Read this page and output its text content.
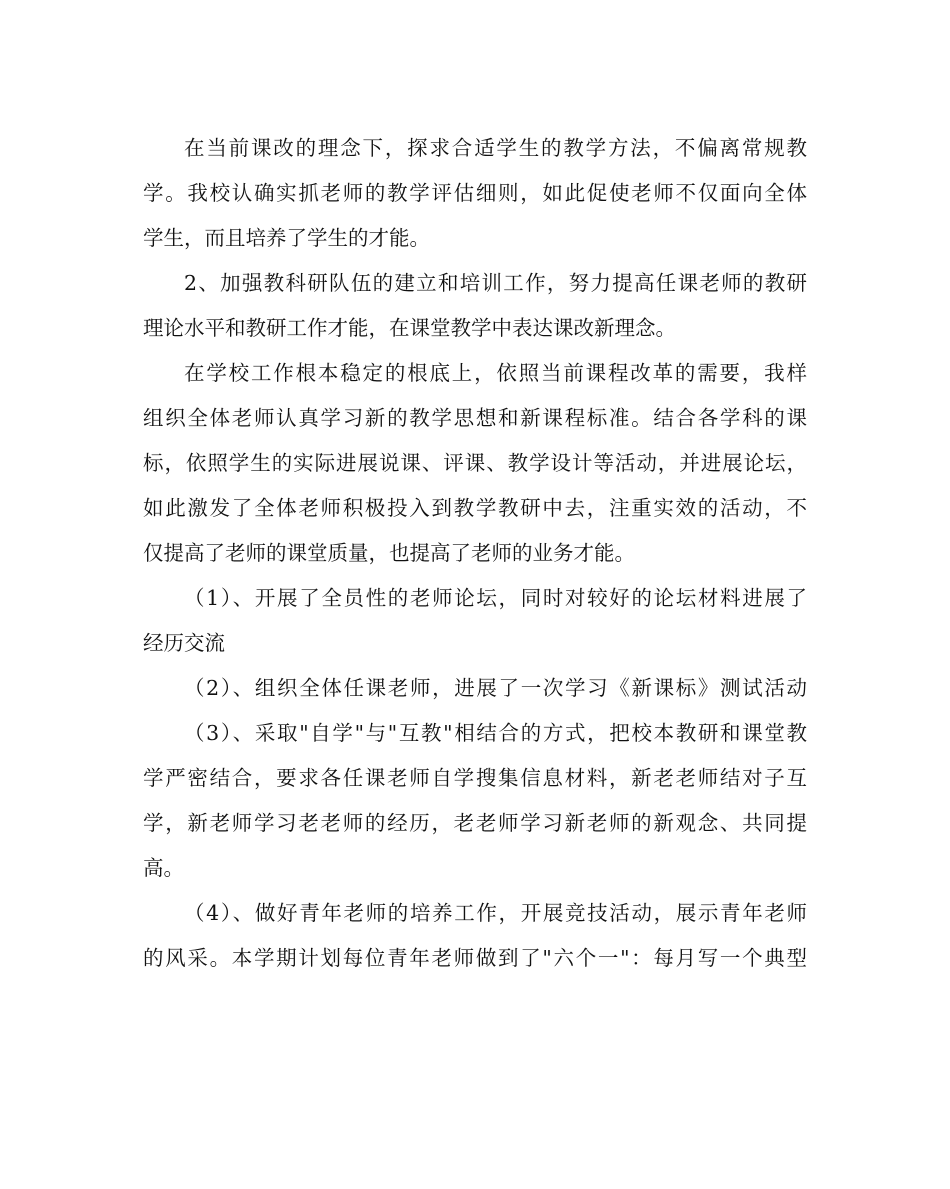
在当前课改的理念下，探求合适学生的教学方法，不偏离常规教
学。我校认确实抓老师的教学评估细则，如此促使老师不仅面向全体
学生，而且培养了学生的才能。
2、加强教科研队伍的建立和培训工作，努力提高任课老师的教研
理论水平和教研工作才能，在课堂教学中表达课改新理念。
在学校工作根本稳定的根底上，依照当前课程改革的需要，我样
组织全体老师认真学习新的教学思想和新课程标准。结合各学科的课
标，依照学生的实际进展说课、评课、教学设计等活动，并进展论坛，
如此激发了全体老师积极投入到教学教研中去，注重实效的活动，不
仅提高了老师的课堂质量，也提高了老师的业务才能。
（1）、开展了全员性的老师论坛，同时对较好的论坛材料进展了
经历交流
（2）、组织全体任课老师，进展了一次学习《新课标》测试活动
（3）、采取"自学"与"互教"相结合的方式，把校本教研和课堂教
学严密结合，要求各任课老师自学搜集信息材料，新老老师结对子互
学，新老师学习老老师的经历，老老师学习新老师的新观念、共同提
高。
（4）、做好青年老师的培养工作，开展竞技活动，展示青年老师
的风采。本学期计划每位青年老师做到了"六个一"：每月写一个典型
